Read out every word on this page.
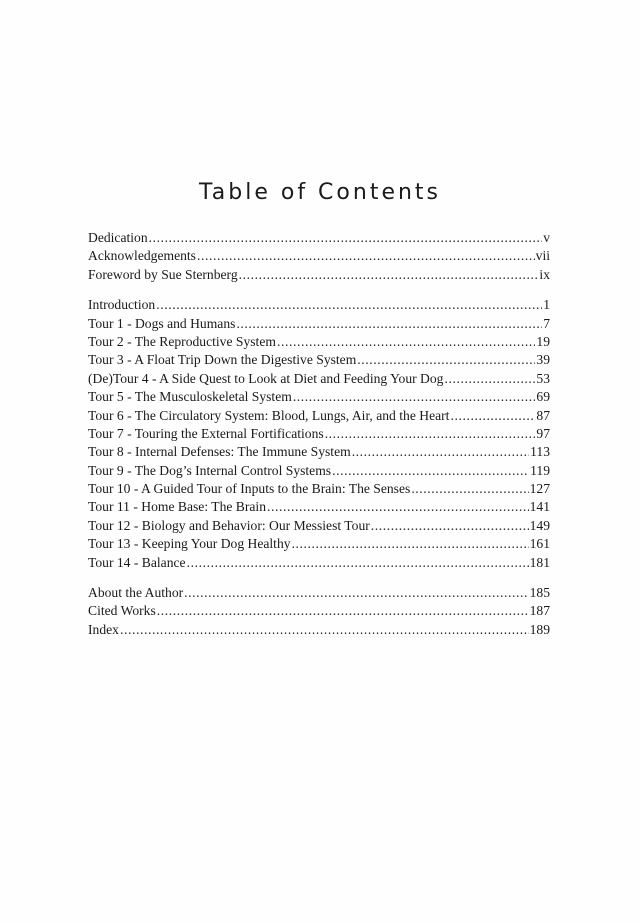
Table of Contents
Dedication .....	v
Acknowledgements .....	vii
Foreword by Sue Sternberg .....	ix
Introduction .....	1
Tour 1 - Dogs and Humans .....	7
Tour 2 - The Reproductive System .....	19
Tour 3 - A Float Trip Down the Digestive System .....	39
(De)Tour 4 - A Side Quest to Look at Diet and Feeding Your Dog .....	53
Tour 5 - The Musculoskeletal System .....	69
Tour 6 - The Circulatory System: Blood, Lungs, Air, and the Heart .....	87
Tour 7 - Touring the External Fortifications .....	97
Tour 8 - Internal Defenses: The Immune System .....	113
Tour 9 - The Dog’s Internal Control Systems .....	119
Tour 10 - A Guided Tour of Inputs to the Brain: The Senses .....	127
Tour 11 - Home Base: The Brain .....	141
Tour 12 - Biology and Behavior: Our Messiest Tour .....	149
Tour 13 - Keeping Your Dog Healthy .....	161
Tour 14 - Balance .....	181
About the Author .....	185
Cited Works .....	187
Index .....	189
